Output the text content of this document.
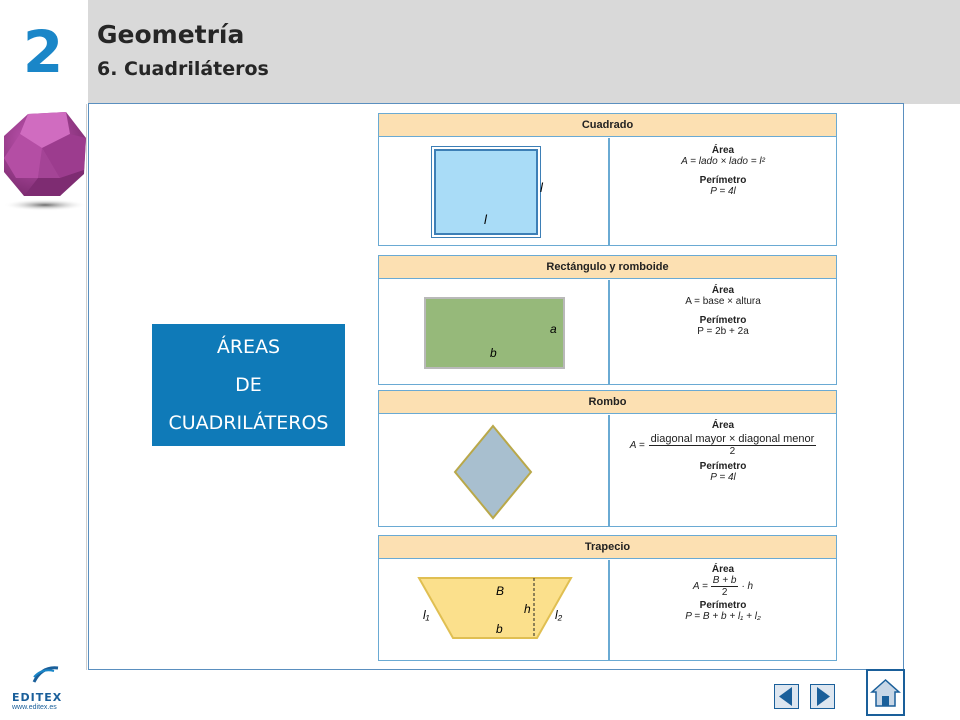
2	Geometría
6. Cuadriláteros
ÁREAS
DE
CUADRILÁTEROS
Cuadrado
l
l
Área
A = lado × lado = l²
Perímetro
P = 4l
Rectángulo y romboide
a
b
Área
A = base × altura
Perímetro
P = 2b + 2a
Rombo
Área
A = diagonal mayor × diagonal menor
2
Perímetro
P = 4l
Trapecio
B
h
b
l₁	l₂
Área
$A = \frac{B + b}{2} \cdot h$
Perímetro
P = B + b + l₁ + l₂
EDITEX
www.editex.es
